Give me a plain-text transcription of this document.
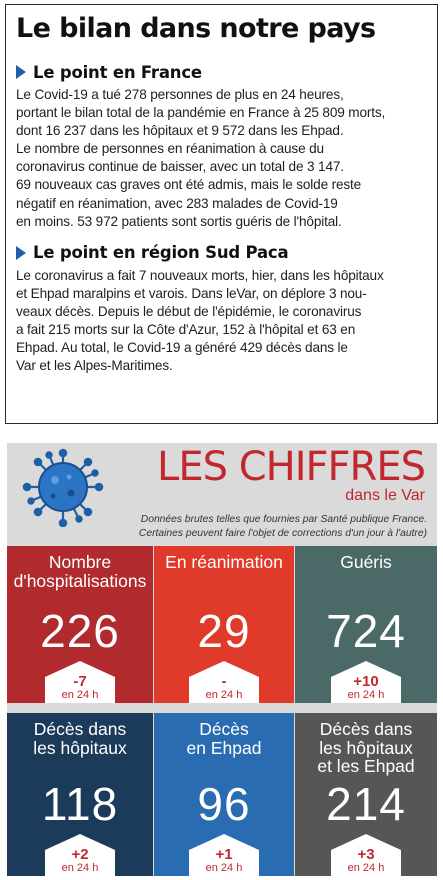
Le bilan dans notre pays
Le point en France
Le Covid-19 a tué 278 personnes de plus en 24 heures,
portant le bilan total de la pandémie en France à 25 809 morts,
dont 16 237 dans les hôpitaux et 9 572 dans les Ehpad.
Le nombre de personnes en réanimation à cause du
coronavirus continue de baisser, avec un total de 3 147.
69 nouveaux cas graves ont été admis, mais le solde reste
négatif en réanimation, avec 283 malades de Covid-19
en moins. 53 972 patients sont sortis guéris de l'hôpital.
Le point en région Sud Paca
Le coronavirus a fait 7 nouveaux morts, hier, dans les hôpitaux
et Ehpad maralpins et varois. Dans leVar, on déplore 3 nou-
veaux décès. Depuis le début de l'épidémie, le coronavirus
a fait 215 morts sur la Côte d'Azur, 152 à l'hôpital et 63 en
Ehpad. Au total, le Covid-19 a généré 429 décès dans le
Var et les Alpes-Maritimes.
LES CHIFFRES
dans le Var
Données brutes telles que fournies par Santé publique France.
Certaines peuvent faire l'objet de corrections d'un jour à l'autre)
Nombre
d'hospitalisations
226
-7
en 24 h
En réanimation
29
-
en 24 h
Guéris
724
+10
en 24 h
Décès dans
les hôpitaux
118
+2
en 24 h
Décès
en Ehpad
96
+1
en 24 h
Décès dans
les hôpitaux
et les Ehpad
214
+3
en 24 h
